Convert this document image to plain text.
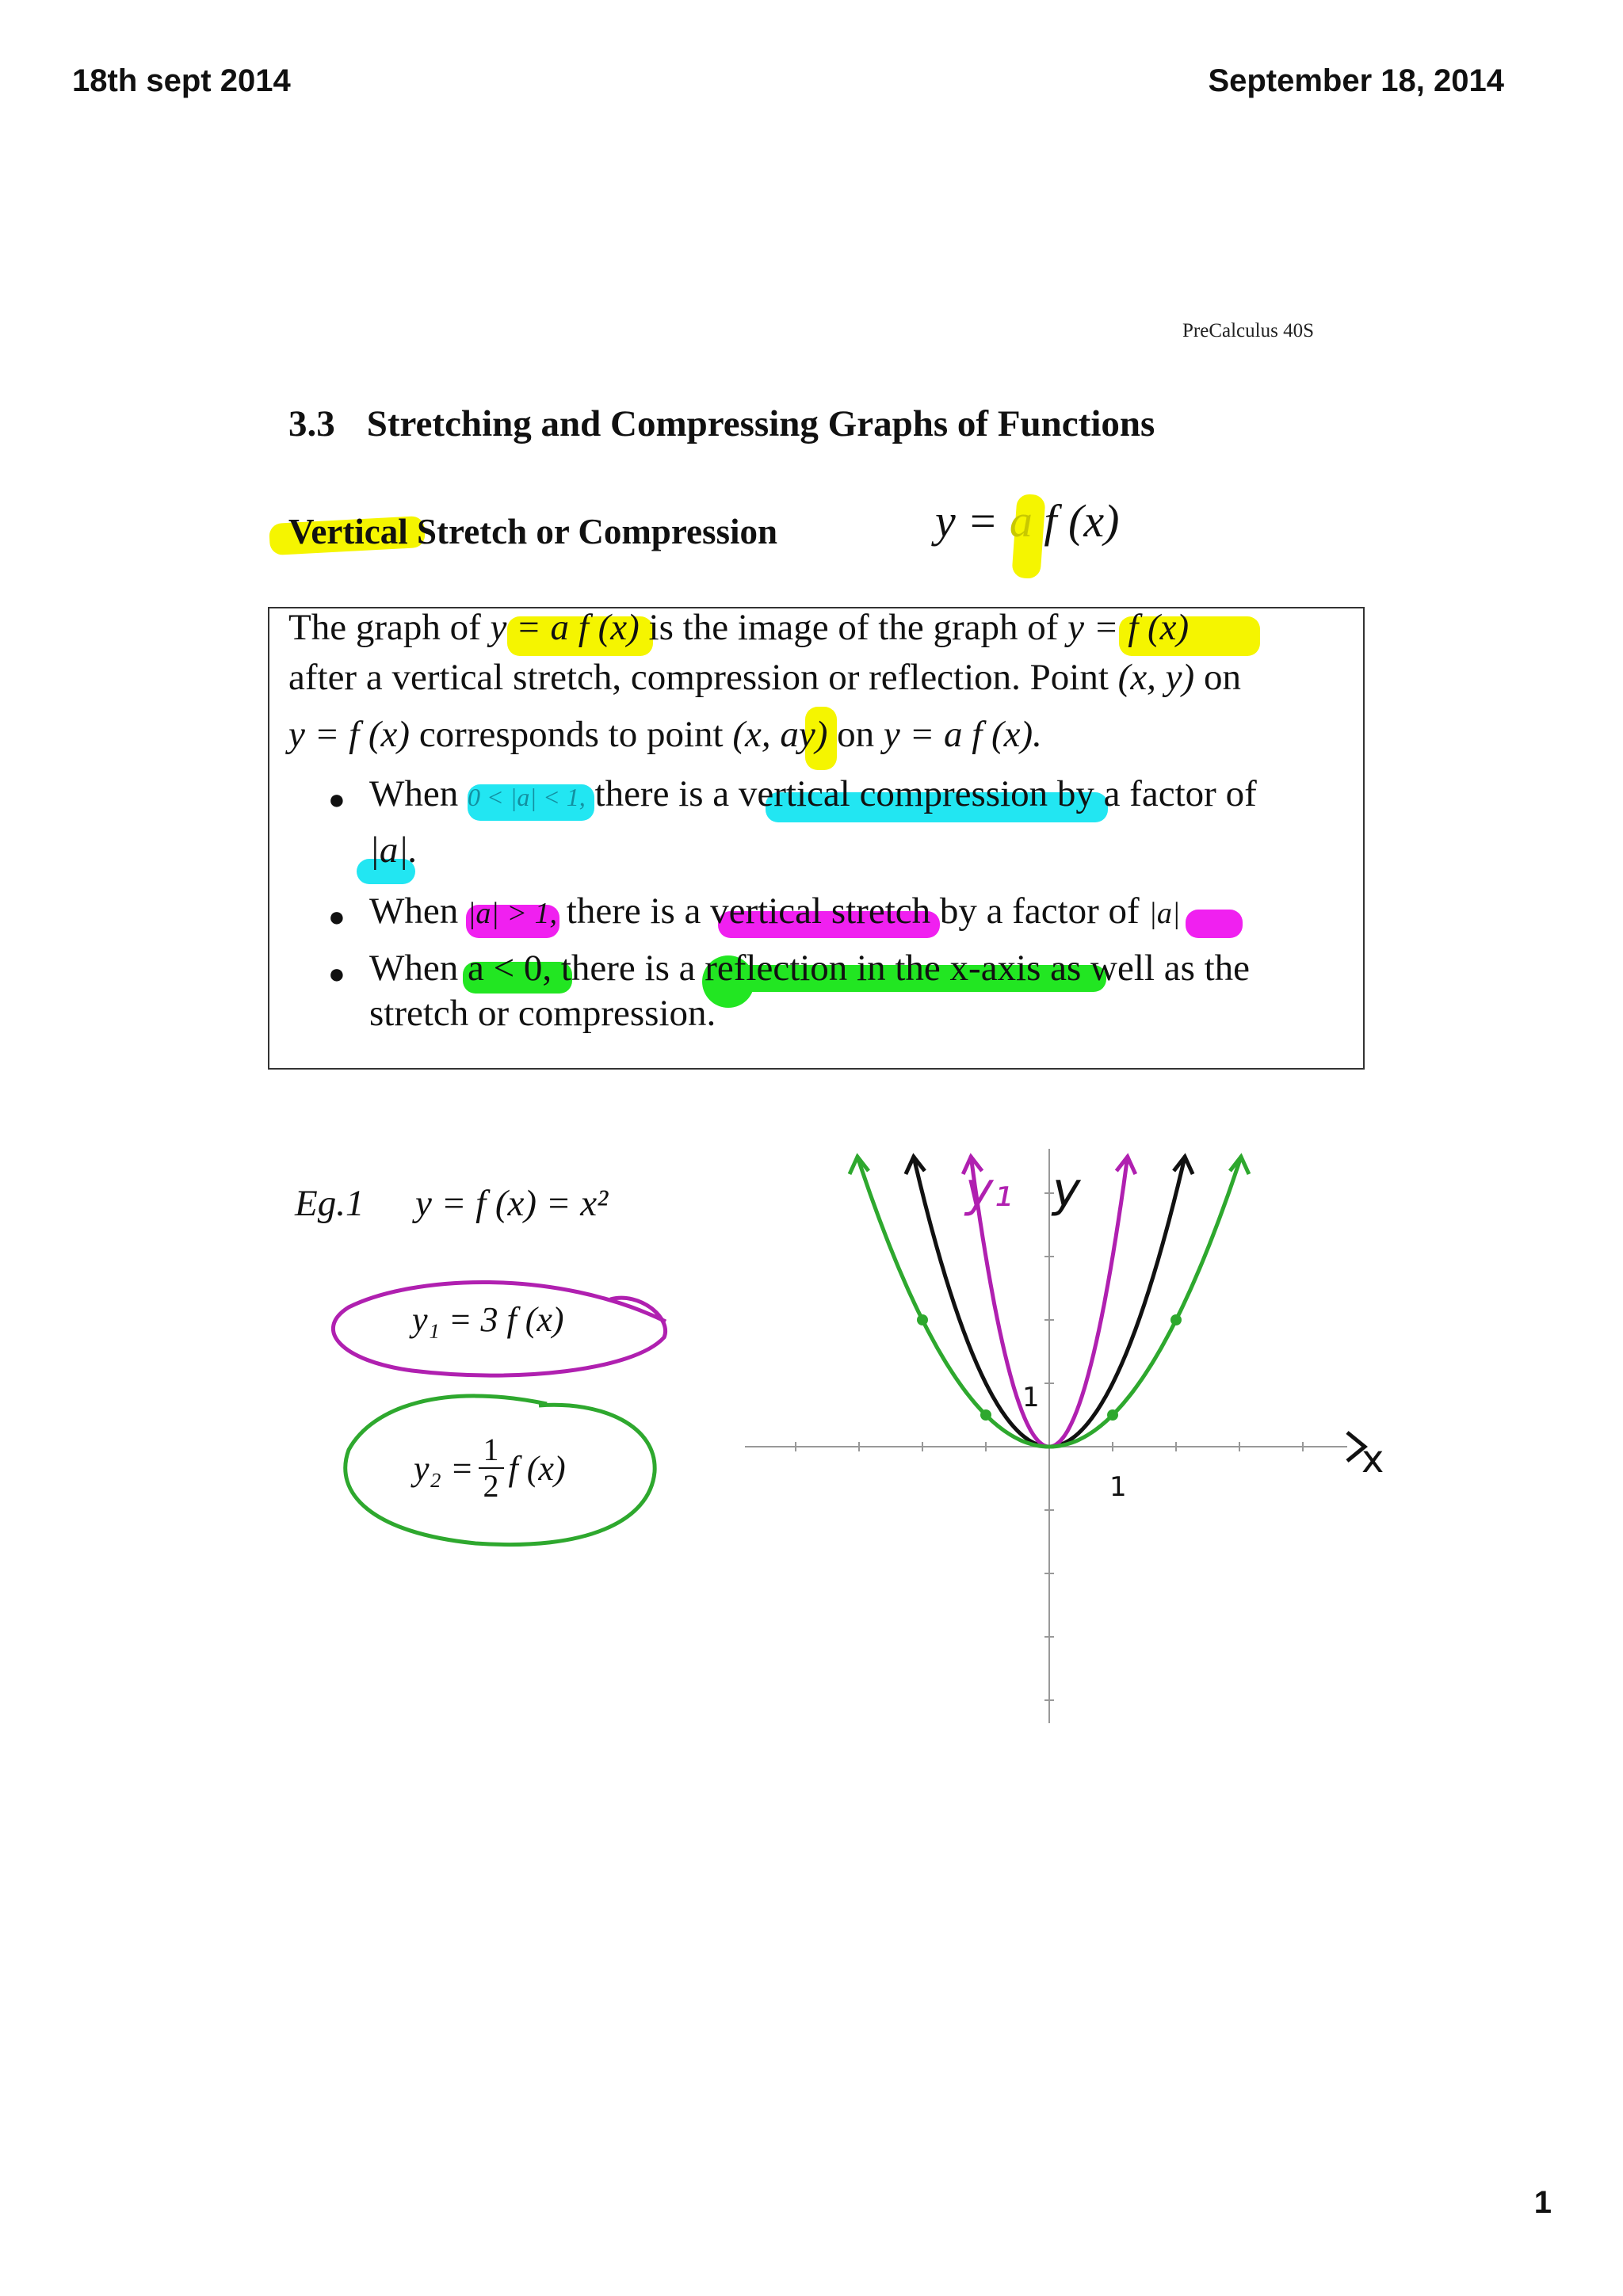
18th sept 2014	September 18, 2014
PreCalculus 40S
3.3 Stretching and Compressing Graphs of Functions
Vertical Stretch or Compression	y = a f (x)
The graph of y = a f (x) is the image of the graph of y = f (x)
after a vertical stretch, compression or reflection. Point (x, y) on
y = f (x) corresponds to point (x, ay) on y = a f (x).
● When 0 < |a| < 1, there is a vertical compression by a factor of
|a|.
● When |a| > 1, there is a vertical stretch by a factor of |a|
● When a < 0, there is a reflection in the x-axis as well as the
stretch or compression.
Eg.1 y = f (x) = x²
y₁ = 3 f (x)
$y_2 = \frac{1}{2}$ f (x)
y₁ y
x
1
1
1
